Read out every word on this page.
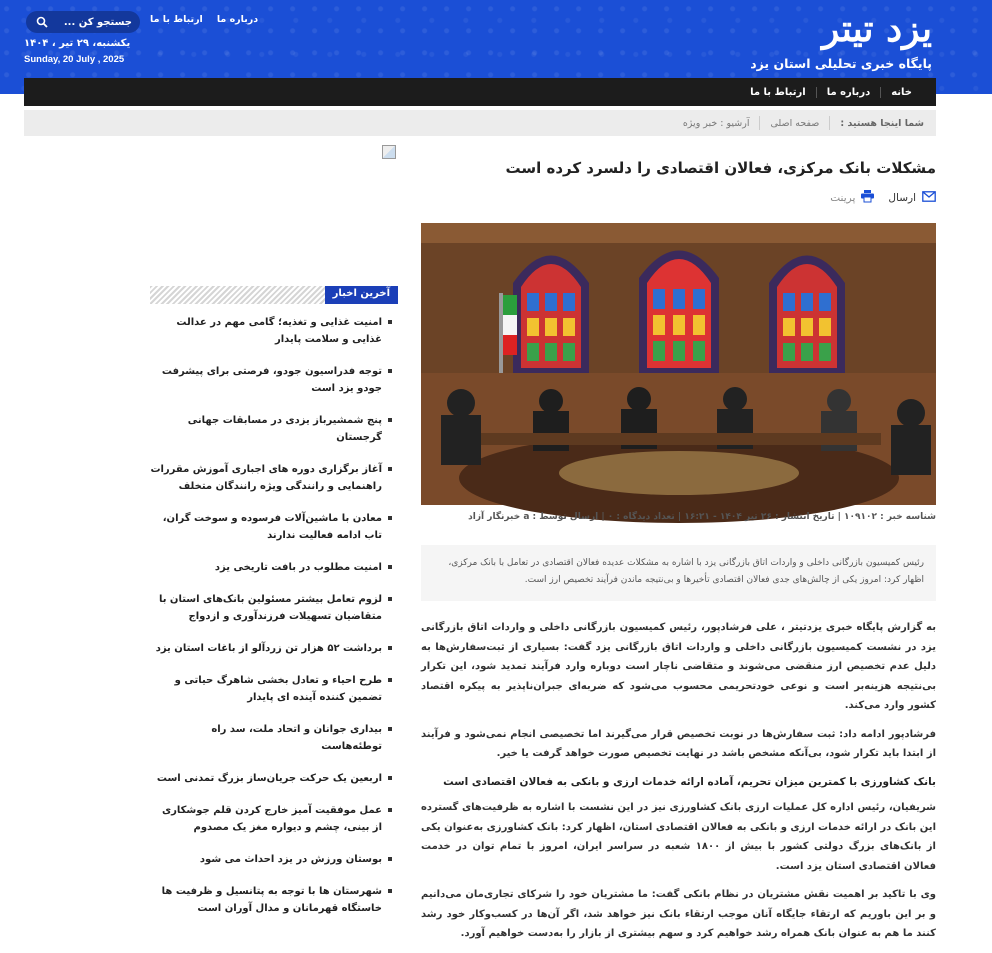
یزد تیتر
پایگاه خبری تحلیلی استان یزد
جستجو کن ...	درباره ما
ارتباط با ما
یکشنبه، ۲۹ تیر ، ۱۴۰۴
Sunday, 20 July , 2025
خانه
درباره ما
ارتباط با ما
شما اینجا هستید :
صفحه اصلی
آرشیو : خبر ویژه
مشکلات بانک مرکزی، فعالان اقتصادی را دلسرد کرده است
ارسال
پرینت
شناسه خبر : ۱۰۹۱۰۲ | تاریخ انتشار : ۲۶ تیر ۱۴۰۴ - ۱۶:۲۱ | تعداد دیدگاه : ۰ | ارسال توسط : a خبرنگار آزاد
رئیس کمیسیون بازرگانی داخلی و واردات اتاق بازرگانی یزد با اشاره به مشکلات عدیده فعالان اقتصادی در تعامل با بانک مرکزی، اظهار کرد: امروز یکی از چالش‌های جدی فعالان اقتصادی تأخیرها و بی‌نتیجه ماندن فرآیند تخصیص ارز است.

به گزارش پایگاه خبری یزدتیتر ، علی فرشادپور، رئیس کمیسیون بازرگانی داخلی و واردات اتاق بازرگانی یزد در نشست کمیسیون بازرگانی داخلی و واردات اتاق بازرگانی یزد گفت: بسیاری از ثبت‌سفارش‌ها به دلیل عدم تخصیص ارز منقضی می‌شوند و متقاضی ناچار است دوباره وارد فرآیند تمدید شود، این تکرار بی‌نتیجه هزینه‌بر است و نوعی خودتحریمی محسوب می‌شود که ضربه‌ای جبران‌ناپذیر به پیکره اقتصاد کشور وارد می‌کند.

فرشادپور ادامه داد: ثبت سفارش‌ها در نوبت تخصیص قرار می‌گیرند اما تخصیصی انجام نمی‌شود و فرآیند از ابتدا باید تکرار شود، بی‌آنکه مشخص باشد در نهایت تخصیص صورت خواهد گرفت یا خیر.

بانک کشاورزی با کمترین میزان تحریم، آماده ارائه خدمات ارزی و بانکی به فعالان اقتصادی است

شریفیان، رئیس اداره کل عملیات ارزی بانک کشاورزی نیز در این نشست با اشاره به ظرفیت‌های گسترده این بانک در ارائه خدمات ارزی و بانکی به فعالان اقتصادی استان، اظهار کرد: بانک کشاورزی به‌عنوان یکی از بانک‌های بزرگ دولتی کشور با بیش از ۱۸۰۰ شعبه در سراسر ایران، امروز با تمام توان در خدمت فعالان اقتصادی استان یزد است.

وی با تاکید بر اهمیت نقش مشتریان در نظام بانکی گفت: ما مشتریان خود را شرکای تجاری‌مان می‌دانیم و بر این باوریم که ارتقاء جایگاه آنان موجب ارتقاء بانک نیز خواهد شد، اگر آن‌ها در کسب‌وکار خود رشد کنند ما هم به عنوان بانک همراه رشد خواهیم کرد و سهم بیشتری از بازار را به‌دست خواهیم آورد.

آخرین اخبار
امنیت غذایی و تغذیه؛ گامی مهم در عدالت غذایی و سلامت پایدار
توجه فدراسیون جودو، فرصتی برای پیشرفت جودو یزد است
پنج شمشیرباز یزدی در مسابقات جهانی گرجستان
آغاز برگزاری دوره های اجباری آموزش مقررات راهنمایی و رانندگی ویژه رانندگان متخلف
معادن با ماشین‌آلات فرسوده و سوخت گران، تاب ادامه فعالیت ندارند
امنیت مطلوب در بافت تاریخی یزد
لزوم تعامل بیشتر مسئولین بانک‌های استان با متقاضیان تسهیلات فرزندآوری و ازدواج
برداشت ۵۲ هزار تن زردآلو از باغات استان یزد
طرح احیاء و تعادل بخشی شاهرگ حیاتی و تضمین کننده آینده ای پایدار
بیداری جوانان و اتحاد ملت، سد راه توطئه‌هاست
اربعین یک حرکت جریان‌ساز بزرگ تمدنی است
عمل موفقیت آمیز خارج کردن قلم جوشکاری از بینی، چشم و دیواره مغز یک مصدوم
بوستان ورزش در یزد احداث می شود
شهرستان ها با توجه به پتانسیل و ظرفیت ها خاستگاه قهرمانان و مدال آوران است
